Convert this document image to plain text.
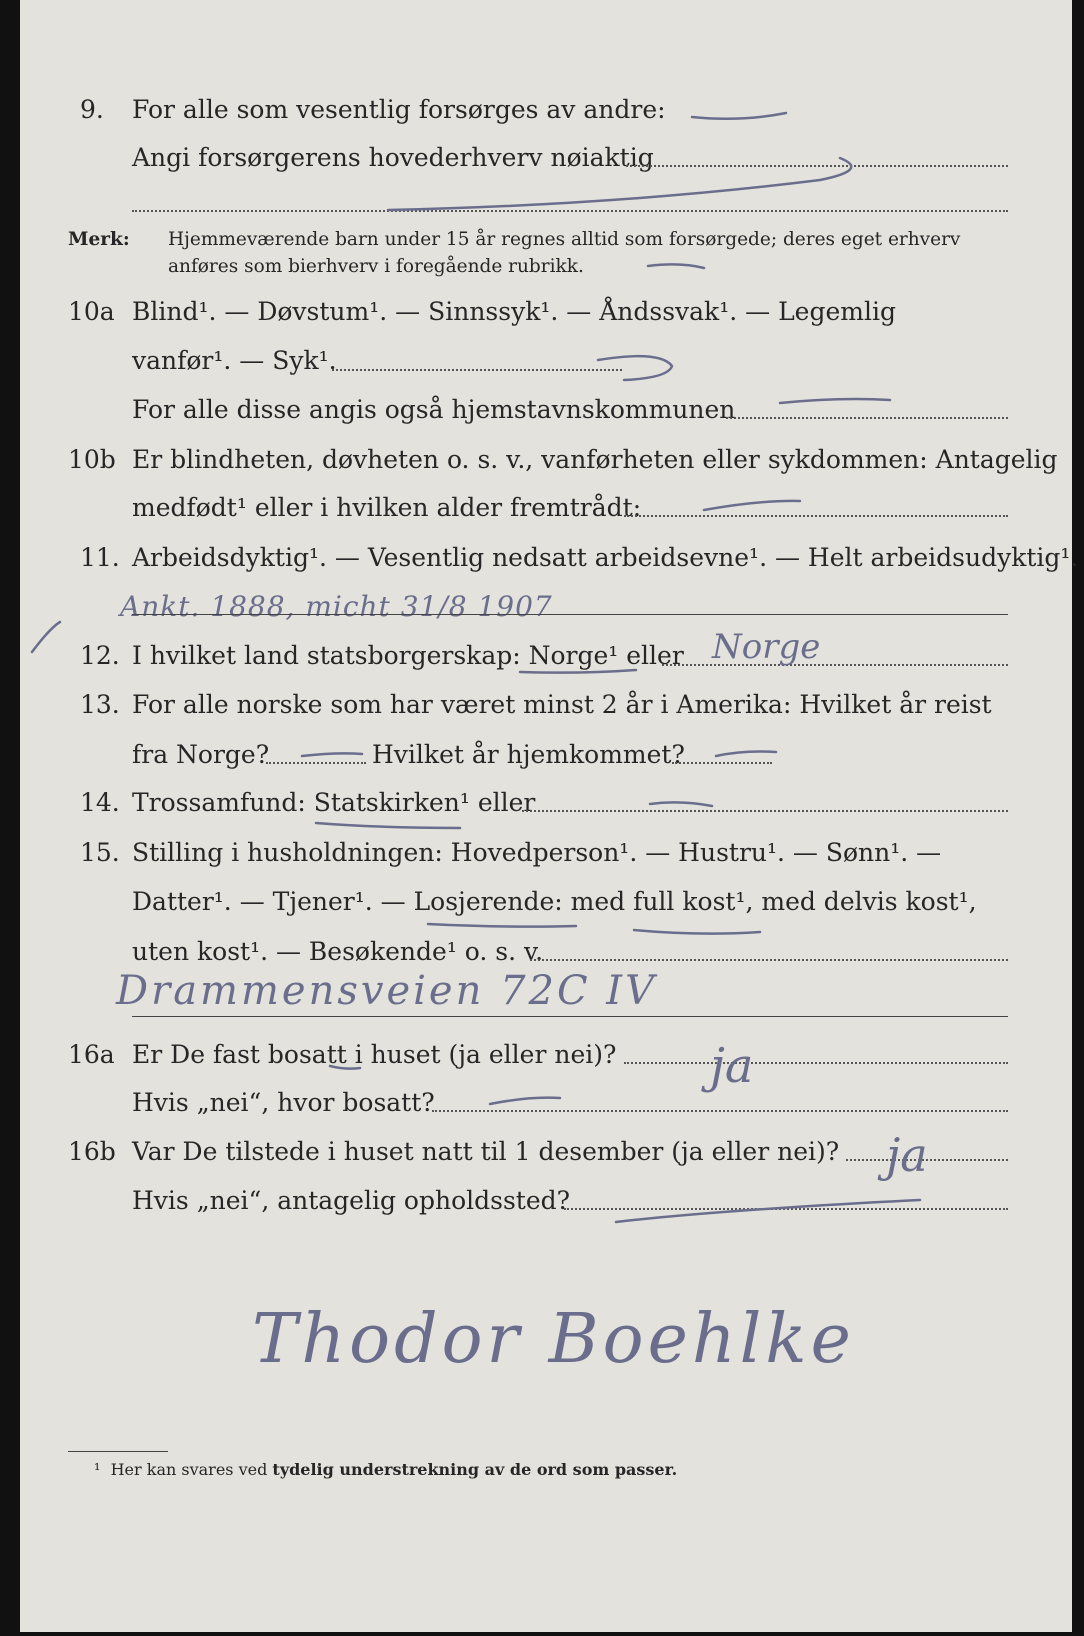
9. For alle som vesentlig forsørges av andre:
Angi forsørgerens hovederhverv nøiaktig
Merk: Hjemmeværende barn under 15 år regnes alltid som forsørgede; deres eget erhverv
anføres som bierhverv i foregående rubrikk.
10a Blind¹. — Døvstum¹. — Sinnssyk¹. — Åndssvak¹. — Legemlig
vanfør¹. — Syk¹.
For alle disse angis også hjemstavnskommunen
10b Er blindheten, døvheten o. s. v., vanførheten eller sykdommen: Antagelig
medfødt¹ eller i hvilken alder fremtrådt:
11. Arbeidsdyktig¹. — Vesentlig nedsatt arbeidsevne¹. — Helt arbeidsudyktig¹.
Ankt. 1888, micht 31/8 1907
12. I hvilket land statsborgerskap: Norge¹ eller Norge
13. For alle norske som har været minst 2 år i Amerika: Hvilket år reist
fra Norge?	Hvilket år hjemkommet?
14. Trossamfund: Statskirken¹ eller
15. Stilling i husholdningen: Hovedperson¹. — Hustru¹. — Sønn¹. —
Datter¹. — Tjener¹. — Losjerende: med full kost¹, med delvis kost¹,
uten kost¹. — Besøkende¹ o. s. v.
Drammensveien 72C IV
16a Er De fast bosatt i huset (ja eller nei)? ja
Hvis „nei“, hvor bosatt?
16b Var De tilstede i huset natt til 1 desember (ja eller nei)? ja
Hvis „nei“, antagelig opholdssted?
Thodor Boehlke
¹ Her kan svares ved tydelig understrekning av de ord som passer.
